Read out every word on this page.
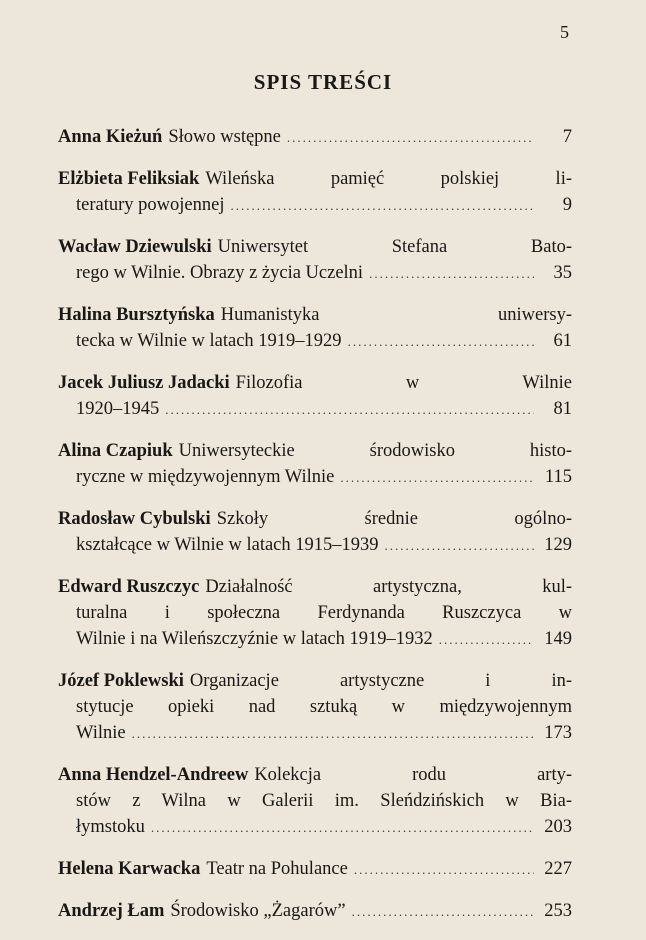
5
SPIS TREŚCI
Anna Kieżuń Słowo wstępne .....	7
Elżbieta Feliksiak Wileńska pamięć polskiej li-
teratury powojennej .....	9
Wacław Dziewulski Uniwersytet Stefana Bato-
rego w Wilnie. Obrazy z życia Uczelni .....	35
Halina Bursztyńska Humanistyka uniwersy-
tecka w Wilnie w latach 1919–1929 .....	61
Jacek Juliusz Jadacki Filozofia w Wilnie
1920–1945 .....	81
Alina Czapiuk Uniwersyteckie środowisko histo-
ryczne w międzywojennym Wilnie .....	115
Radosław Cybulski Szkoły średnie ogólno-
kształcące w Wilnie w latach 1915–1939 .....	129
Edward Ruszczyc Działalność artystyczna, kul-
turalna i społeczna Ferdynanda Ruszczyca w
Wilnie i na Wileńszczyźnie w latach 1919–1932 .....	149
Józef Poklewski Organizacje artystyczne i in-
stytucje opieki nad sztuką w międzywojennym
Wilnie .....	173
Anna Hendzel-Andreew Kolekcja rodu arty-
stów z Wilna w Galerii im. Sleńdzińskich w Bia-
łymstoku .....	203
Helena Karwacka Teatr na Pohulance .....	227
Andrzej Łam Środowisko „Żagarów” .....	253
